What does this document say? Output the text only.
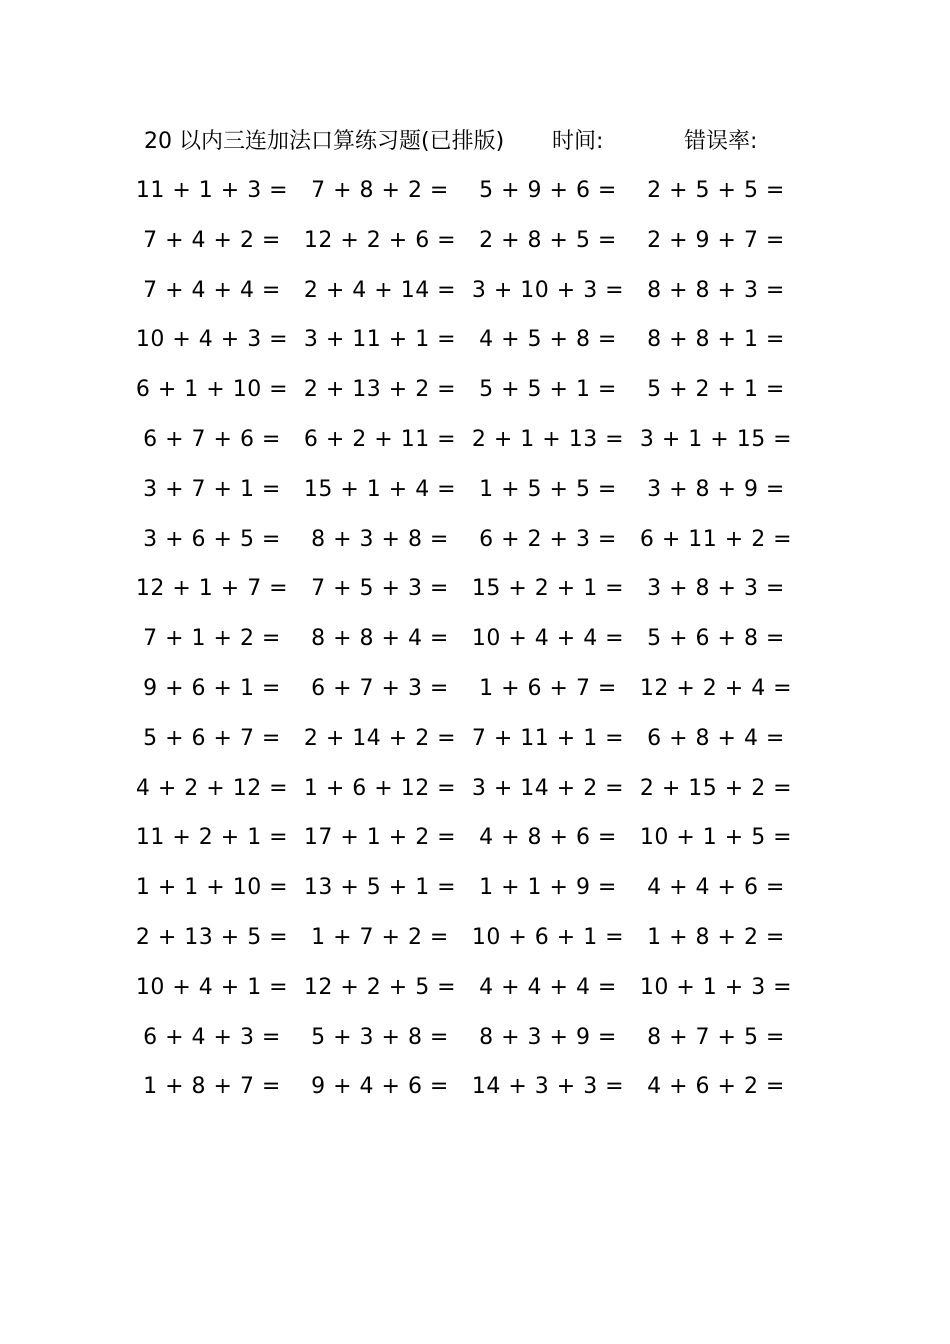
20 以内三连加法口算练习题(已排版) 时间:	错误率:
11 + 1 + 3 =	7 + 8 + 2 =	5 + 9 + 6 =	2 + 5 + 5 =
7 + 4 + 2 =	12 + 2 + 6 =	2 + 8 + 5 =	2 + 9 + 7 =
7 + 4 + 4 =	2 + 4 + 14 = 3 + 10 + 3 =	8 + 8 + 3 =
10 + 4 + 3 = 3 + 11 + 1 =	4 + 5 + 8 =	8 + 8 + 1 =
6 + 1 + 10 = 2 + 13 + 2 =	5 + 5 + 1 =	5 + 2 + 1 =
6 + 7 + 6 =	6 + 2 + 11 = 2 + 1 + 13 = 3 + 1 + 15 =
3 + 7 + 1 =	15 + 1 + 4 =	1 + 5 + 5 =	3 + 8 + 9 =
3 + 6 + 5 =	8 + 3 + 8 =	6 + 2 + 3 =	6 + 11 + 2 =
12 + 1 + 7 =	7 + 5 + 3 =	15 + 2 + 1 =	3 + 8 + 3 =
7 + 1 + 2 =	8 + 8 + 4 =	10 + 4 + 4 =	5 + 6 + 8 =
9 + 6 + 1 =	6 + 7 + 3 =	1 + 6 + 7 =	12 + 2 + 4 =
5 + 6 + 7 =	2 + 14 + 2 = 7 + 11 + 1 =	6 + 8 + 4 =
4 + 2 + 12 = 1 + 6 + 12 = 3 + 14 + 2 = 2 + 15 + 2 =
11 + 2 + 1 = 17 + 1 + 2 =	4 + 8 + 6 =	10 + 1 + 5 =
1 + 1 + 10 = 13 + 5 + 1 =	1 + 1 + 9 =	4 + 4 + 6 =
2 + 13 + 5 =	1 + 7 + 2 =	10 + 6 + 1 =	1 + 8 + 2 =
10 + 4 + 1 = 12 + 2 + 5 =	4 + 4 + 4 =	10 + 1 + 3 =
6 + 4 + 3 =	5 + 3 + 8 =	8 + 3 + 9 =	8 + 7 + 5 =
1 + 8 + 7 =	9 + 4 + 6 =	14 + 3 + 3 =	4 + 6 + 2 =
